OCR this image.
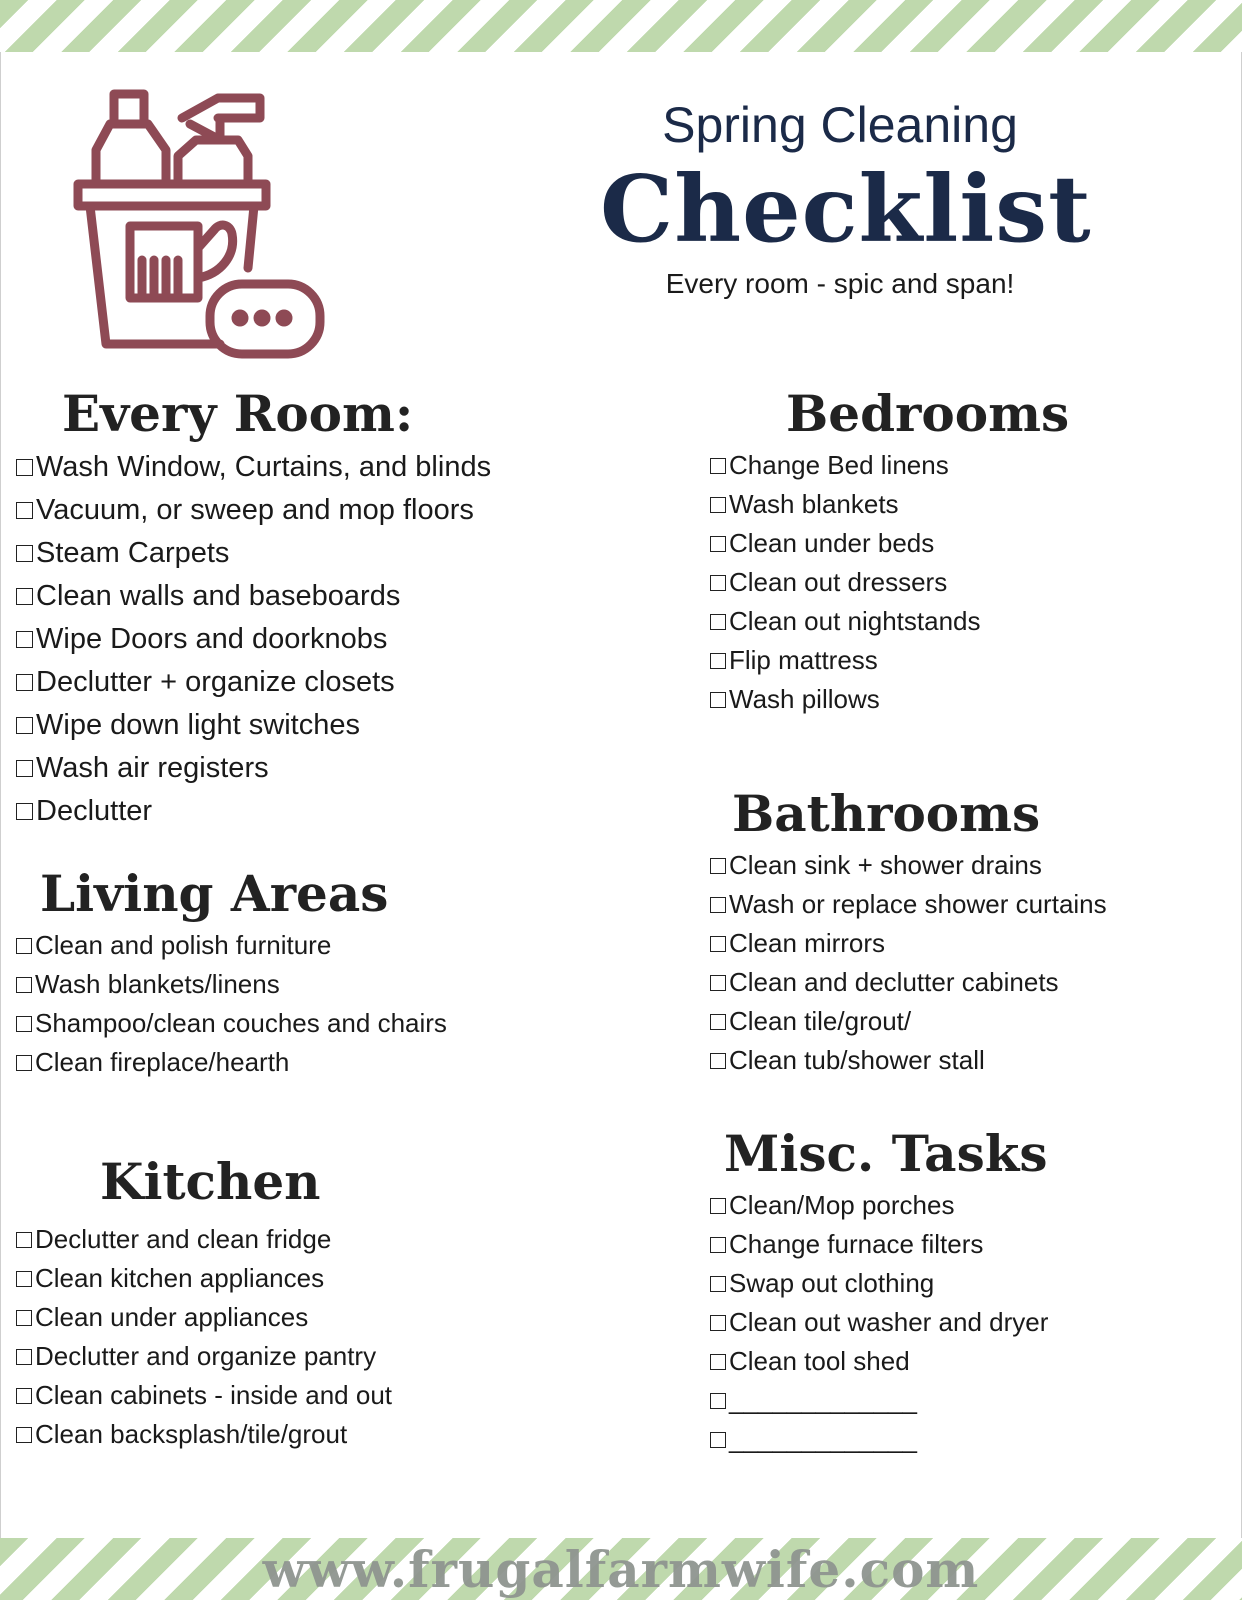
Spring Cleaning
Checklist
Every room - spic and span!
Every Room:
Wash Window, Curtains, and blinds
Vacuum, or sweep and mop floors
Steam Carpets
Clean walls and baseboards
Wipe Doors and doorknobs
Declutter + organize closets
Wipe down light switches
Wash air registers
Declutter
Living Areas
Clean and polish furniture
Wash blankets/linens
Shampoo/clean couches and chairs
Clean fireplace/hearth
Kitchen
Declutter and clean fridge
Clean kitchen appliances
Clean under appliances
Declutter and organize pantry
Clean cabinets - inside and out
Clean backsplash/tile/grout
Bedrooms
Change Bed linens
Wash blankets
Clean under beds
Clean out dressers
Clean out nightstands
Flip mattress
Wash pillows
Bathrooms
Clean sink + shower drains
Wash or replace shower curtains
Clean mirrors
Clean and declutter cabinets
Clean tile/grout/
Clean tub/shower stall
Misc. Tasks
Clean/Mop porches
Change furnace filters
Swap out clothing
Clean out washer and dryer
Clean tool shed
_____________
_____________
www.frugalfarmwife.com
